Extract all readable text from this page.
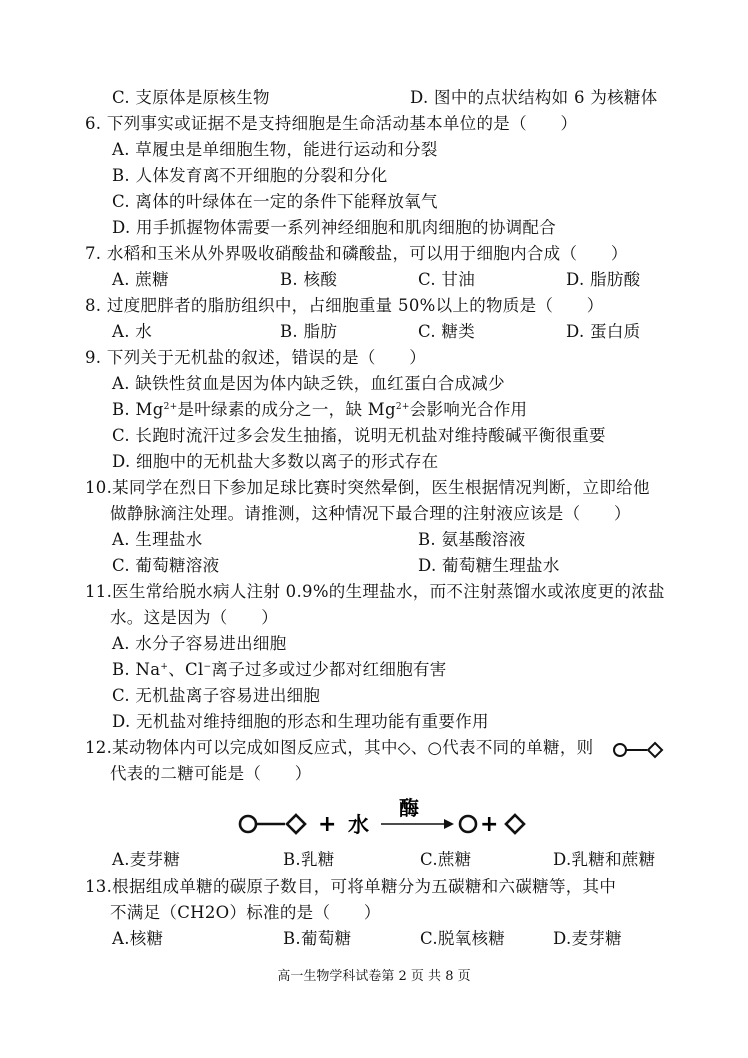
C. 支原体是原核生物	D. 图中的点状结构如 6 为核糖体
6. 下列事实或证据不是支持细胞是生命活动基本单位的是（　　）
A. 草履虫是单细胞生物，能进行运动和分裂
B. 人体发育离不开细胞的分裂和分化
C. 离体的叶绿体在一定的条件下能释放氧气
D. 用手抓握物体需要一系列神经细胞和肌肉细胞的协调配合
7. 水稻和玉米从外界吸收硝酸盐和磷酸盐，可以用于细胞内合成（　　）
A. 蔗糖	B. 核酸	C. 甘油	D. 脂肪酸
8. 过度肥胖者的脂肪组织中，占细胞重量 50%以上的物质是（　　）
A. 水	B. 脂肪	C. 糖类	D. 蛋白质
9. 下列关于无机盐的叙述，错误的是（　　）
A. 缺铁性贫血是因为体内缺乏铁，血红蛋白合成减少
B. $Mg^{2+}$是叶绿素的成分之一，缺 $Mg^{2+}$会影响光合作用
C. 长跑时流汗过多会发生抽搐，说明无机盐对维持酸碱平衡很重要
D. 细胞中的无机盐大多数以离子的形式存在
10.某同学在烈日下参加足球比赛时突然晕倒，医生根据情况判断，立即给他
做静脉滴注处理。请推测，这种情况下最合理的注射液应该是（　　）
A. 生理盐水	B. 氨基酸溶液
C. 葡萄糖溶液	D. 葡萄糖生理盐水
11.医生常给脱水病人注射 0.9%的生理盐水，而不注射蒸馏水或浓度更的浓盐
水。这是因为（　　）
A. 水分子容易进出细胞
B. Na+、Cl−离子过多或过少都对红细胞有害
C. 无机盐离子容易进出细胞
D. 无机盐对维持细胞的形态和生理功能有重要作用
12.某动物体内可以完成如图反应式，其中◇、○代表不同的单糖，则
代表的二糖可能是（　　）
+ 水
酶
+
A.麦芽糖	B.乳糖	C.蔗糖	D.乳糖和蔗糖
13.根据组成单糖的碳原子数目，可将单糖分为五碳糖和六碳糖等，其中
不满足（CH2O）标准的是（　　）
A.核糖	B.葡萄糖	C.脱氧核糖	D.麦芽糖
高一生物学科试卷第 2 页 共 8 页
